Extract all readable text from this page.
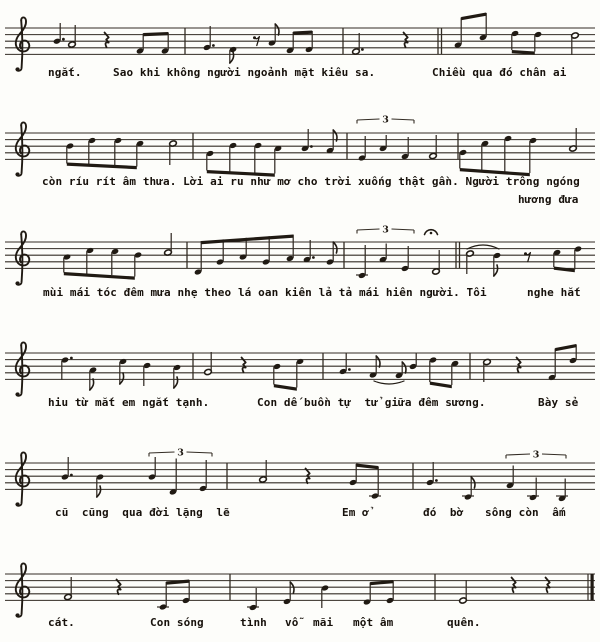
3
3
3	3
ngắt.	Sao khi không người ngoảnh mặt kiêu sa.	Chiều qua đó chân ai
còn ríu rít âm thưa. Lời ai ru như mơ cho trời xuống thật gần. Người trông ngóng
hương đưa
mùi mái tóc đêm mưa nhẹ theo lá oan kiên lả tả mái hiên người. Tôi	nghe hắt
hiu từ mắt em ngắt tạnh.	Con dế buồn tự  tử giữa đêm sương.	Bày sẻ
cũ  cũng  qua đời lặng  lẽ	Em ở	đó  bờ sông còn  ấm
cát.	Con sóng	tình vỗ mãi một âm	quên.
